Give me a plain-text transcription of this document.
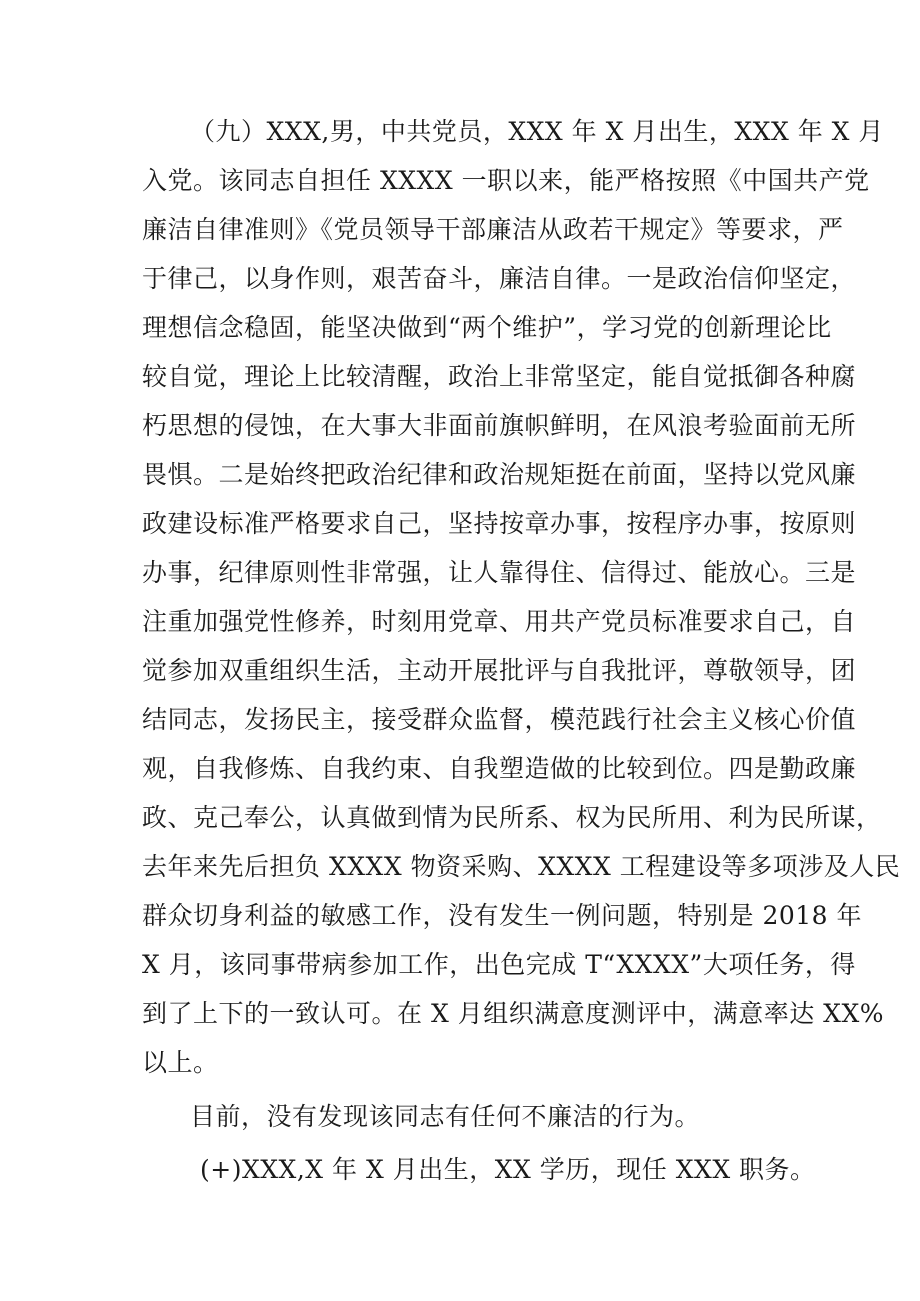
（九）XXX,男，中共党员，XXX 年 X 月出生，XXX 年 X 月
入党。该同志自担任 XXXX 一职以来，能严格按照《中国共产党
廉洁自律准则》《党员领导干部廉洁从政若干规定》等要求，严
于律己，以身作则，艰苦奋斗，廉洁自律。一是政治信仰坚定，
理想信念稳固，能坚决做到“两个维护”，学习党的创新理论比
较自觉，理论上比较清醒，政治上非常坚定，能自觉抵御各种腐
朽思想的侵蚀，在大事大非面前旗帜鲜明，在风浪考验面前无所
畏惧。二是始终把政治纪律和政治规矩挺在前面，坚持以党风廉
政建设标准严格要求自己，坚持按章办事，按程序办事，按原则
办事，纪律原则性非常强，让人靠得住、信得过、能放心。三是
注重加强党性修养，时刻用党章、用共产党员标准要求自己，自
觉参加双重组织生活，主动开展批评与自我批评，尊敬领导，团
结同志，发扬民主，接受群众监督，模范践行社会主义核心价值
观，自我修炼、自我约束、自我塑造做的比较到位。四是勤政廉
政、克己奉公，认真做到情为民所系、权为民所用、利为民所谋，
去年来先后担负 XXXX 物资采购、XXXX 工程建设等多项涉及人民
群众切身利益的敏感工作，没有发生一例问题，特别是 2018 年
X 月，该同事带病参加工作，出色完成 T“XXXX”大项任务，得
到了上下的一致认可。在 X 月组织满意度测评中，满意率达 XX%
以上。
目前，没有发现该同志有任何不廉洁的行为。
(+)XXX,X 年 X 月出生，XX 学历，现任 XXX 职务。
